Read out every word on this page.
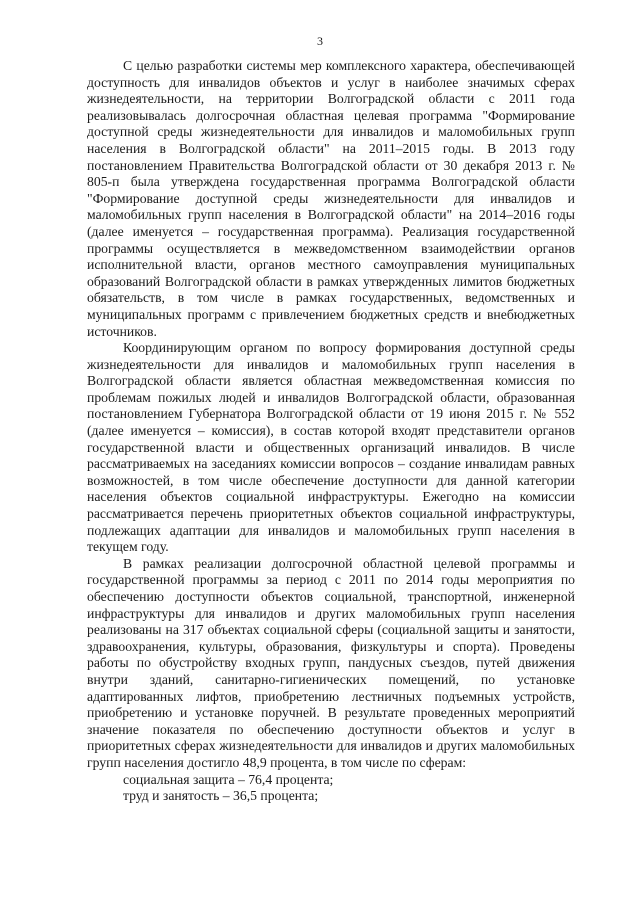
3

С целью разработки системы мер комплексного характера, обеспечивающей доступность для инвалидов объектов и услуг в наиболее значимых сферах жизнедеятельности, на территории Волгоградской области с 2011 года реализовывалась долгосрочная областная целевая программа "Формирование доступной среды жизнедеятельности для инвалидов и маломобильных групп населения в Волгоградской области" на 2011–2015 годы. В 2013 году постановлением Правительства Волгоградской области от 30 декабря 2013 г. № 805-п была утверждена государственная программа Волгоградской области "Формирование доступной среды жизнедеятельности для инвалидов и маломобильных групп населения в Волгоградской области" на 2014–2016 годы (далее именуется – государственная программа). Реализация государственной программы осуществляется в межведомственном взаимодействии органов исполнительной власти, органов местного самоуправления муниципальных образований Волгоградской области в рамках утвержденных лимитов бюджетных обязательств, в том числе в рамках государственных, ведомственных и муниципальных программ с привлечением бюджетных средств и внебюджетных источников.

Координирующим органом по вопросу формирования доступной среды жизнедеятельности для инвалидов и маломобильных групп населения в Волгоградской области является областная межведомственная комиссия по проблемам пожилых людей и инвалидов Волгоградской области, образованная постановлением Губернатора Волгоградской области от 19 июня 2015 г. № 552 (далее именуется – комиссия), в состав которой входят представители органов государственной власти и общественных организаций инвалидов. В числе рассматриваемых на заседаниях комиссии вопросов – создание инвалидам равных возможностей, в том числе обеспечение доступности для данной категории населения объектов социальной инфраструктуры. Ежегодно на комиссии рассматривается перечень приоритетных объектов социальной инфраструктуры, подлежащих адаптации для инвалидов и маломобильных групп населения в текущем году.

В рамках реализации долгосрочной областной целевой программы и государственной программы за период с 2011 по 2014 годы мероприятия по обеспечению доступности объектов социальной, транспортной, инженерной инфраструктуры для инвалидов и других маломобильных групп населения реализованы на 317 объектах социальной сферы (социальной защиты и занятости, здравоохранения, культуры, образования, физкультуры и спорта). Проведены работы по обустройству входных групп, пандусных съездов, путей движения внутри зданий, санитарно-гигиенических помещений, по установке адаптированных лифтов, приобретению лестничных подъемных устройств, приобретению и установке поручней. В результате проведенных мероприятий значение показателя по обеспечению доступности объектов и услуг в приоритетных сферах жизнедеятельности для инвалидов и других маломобильных групп населения достигло 48,9 процента, в том числе по сферам:

социальная защита – 76,4 процента;

труд и занятость – 36,5 процента;
